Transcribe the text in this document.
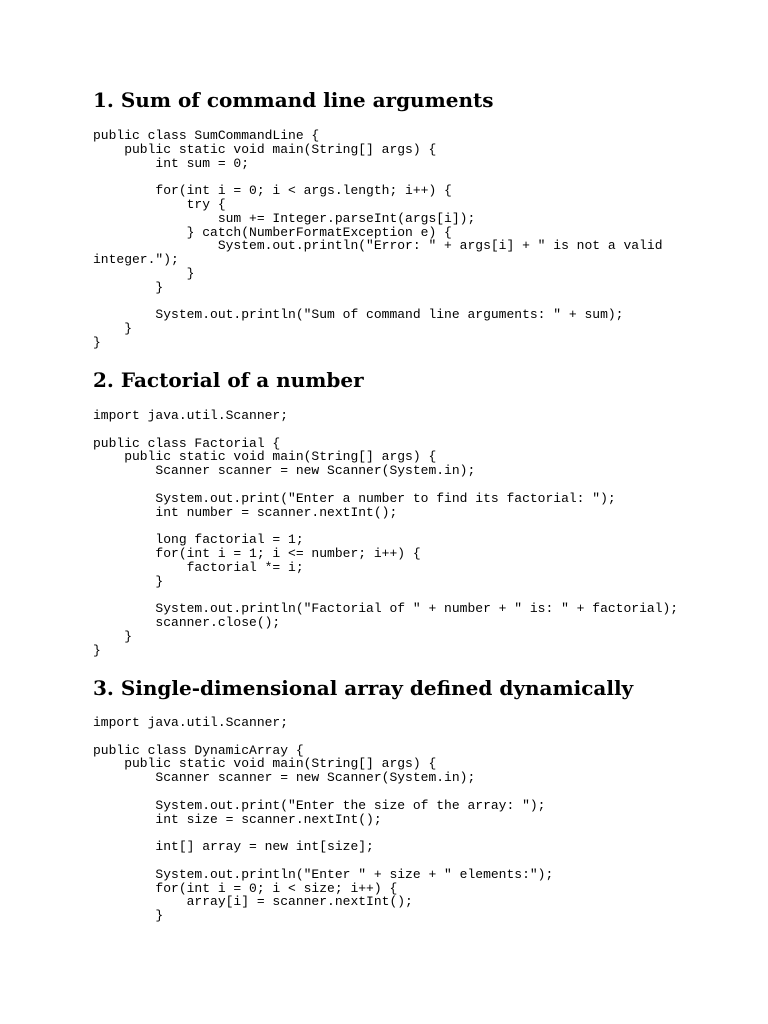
1. Sum of command line arguments
public class SumCommandLine {
public static void main(String[] args) {
int sum = 0;

for(int i = 0; i < args.length; i++) {
try {
sum += Integer.parseInt(args[i]);
} catch(NumberFormatException e) {
System.out.println("Error: " + args[i] + " is not a valid
integer.");
}
}

System.out.println("Sum of command line arguments: " + sum);
}
}
2. Factorial of a number
import java.util.Scanner;

public class Factorial {
public static void main(String[] args) {
Scanner scanner = new Scanner(System.in);

System.out.print("Enter a number to find its factorial: ");
int number = scanner.nextInt();

long factorial = 1;
for(int i = 1; i <= number; i++) {
factorial *= i;
}

System.out.println("Factorial of " + number + " is: " + factorial);
scanner.close();
}
}
3. Single-dimensional array defined dynamically
import java.util.Scanner;

public class DynamicArray {
public static void main(String[] args) {
Scanner scanner = new Scanner(System.in);

System.out.print("Enter the size of the array: ");
int size = scanner.nextInt();

int[] array = new int[size];

System.out.println("Enter " + size + " elements:");
for(int i = 0; i < size; i++) {
array[i] = scanner.nextInt();
}
